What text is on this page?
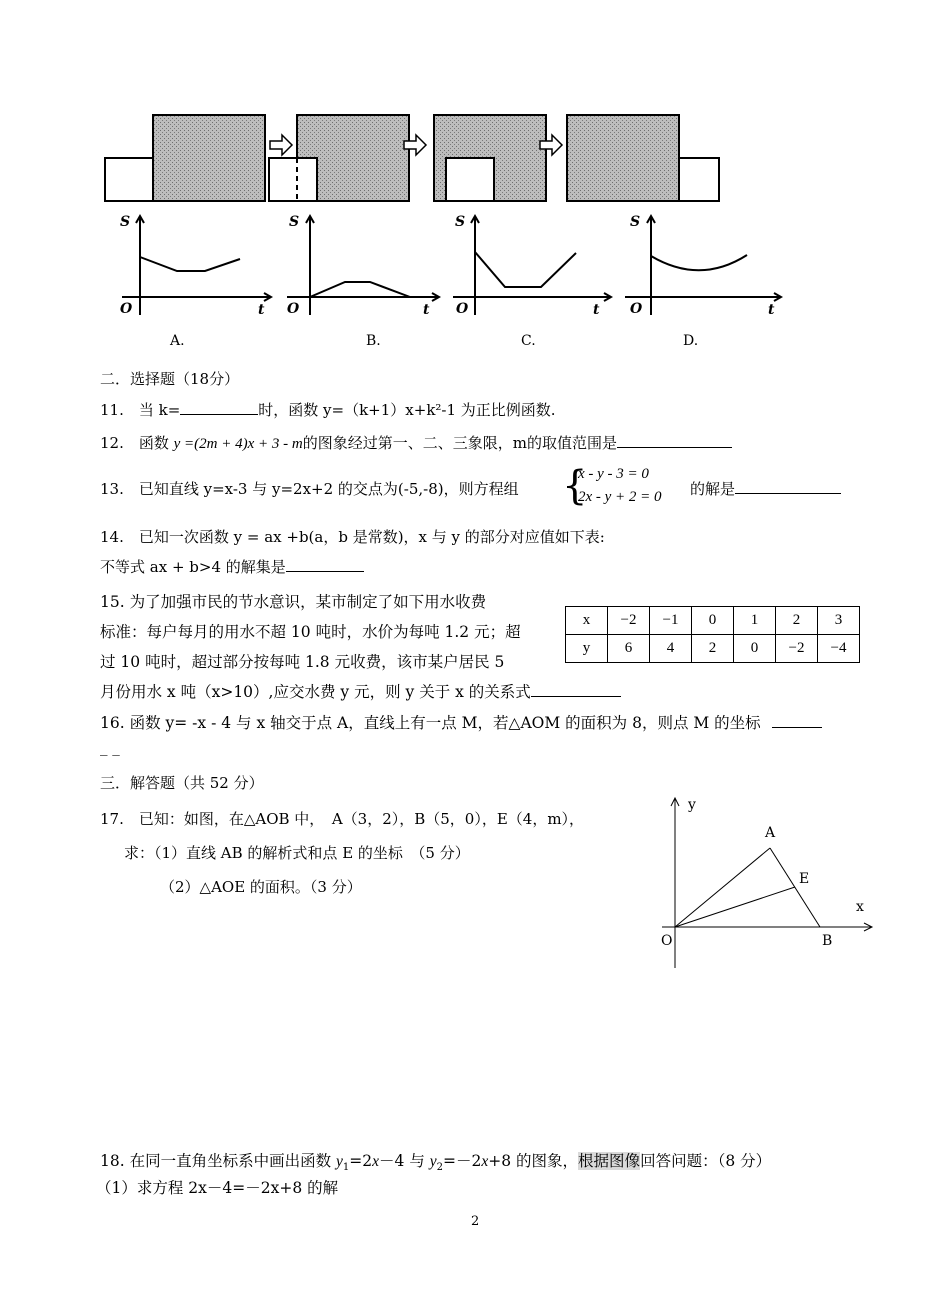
S	S	S	S
O	O	O	O
t	t	t	t
A.	B.	C.	D.
二．选择题（18分）
11.　当 k=	时，函数 y=（k+1）x+k²-1 为正比例函数.
12.　函数 y =(2m + 4)x + 3 - m的图象经过第一、二、三象限，m的取值范围是
13.　已知直线 y=x-3 与 y=2x+2 的交点为(-5,-8)，则方程组 {
x - y - 3 = 0
2x - y + 2 = 0 的解是
14.　已知一次函数 y = ax +b(a，b 是常数)，x 与 y 的部分对应值如下表:
不等式 ax + b>4 的解集是
x	−2	−1	0	1	2	3
y	6	4	2	0	−2	−4
15. 为了加强市民的节水意识，某市制定了如下用水收费
标准：每户每月的用水不超 10 吨时，水价为每吨 1.2 元；超
过 10 吨时，超过部分按每吨 1.8 元收费，该市某户居民 5
月份用水 x 吨（x>10）,应交水费 y 元，则 y 关于 x 的关系式
16. 函数 y= -x - 4 与 x 轴交于点 A，直线上有一点 M，若△AOM 的面积为 8，则点 M 的坐标
_ _
三．解答题（共 52 分）
17.　已知：如图，在△AOB 中，　A（3，2），B（5，0），E（4，m），
求：（1）直线 AB 的解析式和点 E 的坐标　（5 分）
（2）△AOE 的面积。（3 分）
y
x
A
E
O	B
18. 在同一直角坐标系中画出函数 $y_1=2x-4$ 与 $y_2=-2x+8$ 的图象，根据图像回答问题：（8 分）
（1）求方程 2x－4=－2x+8 的解
2
